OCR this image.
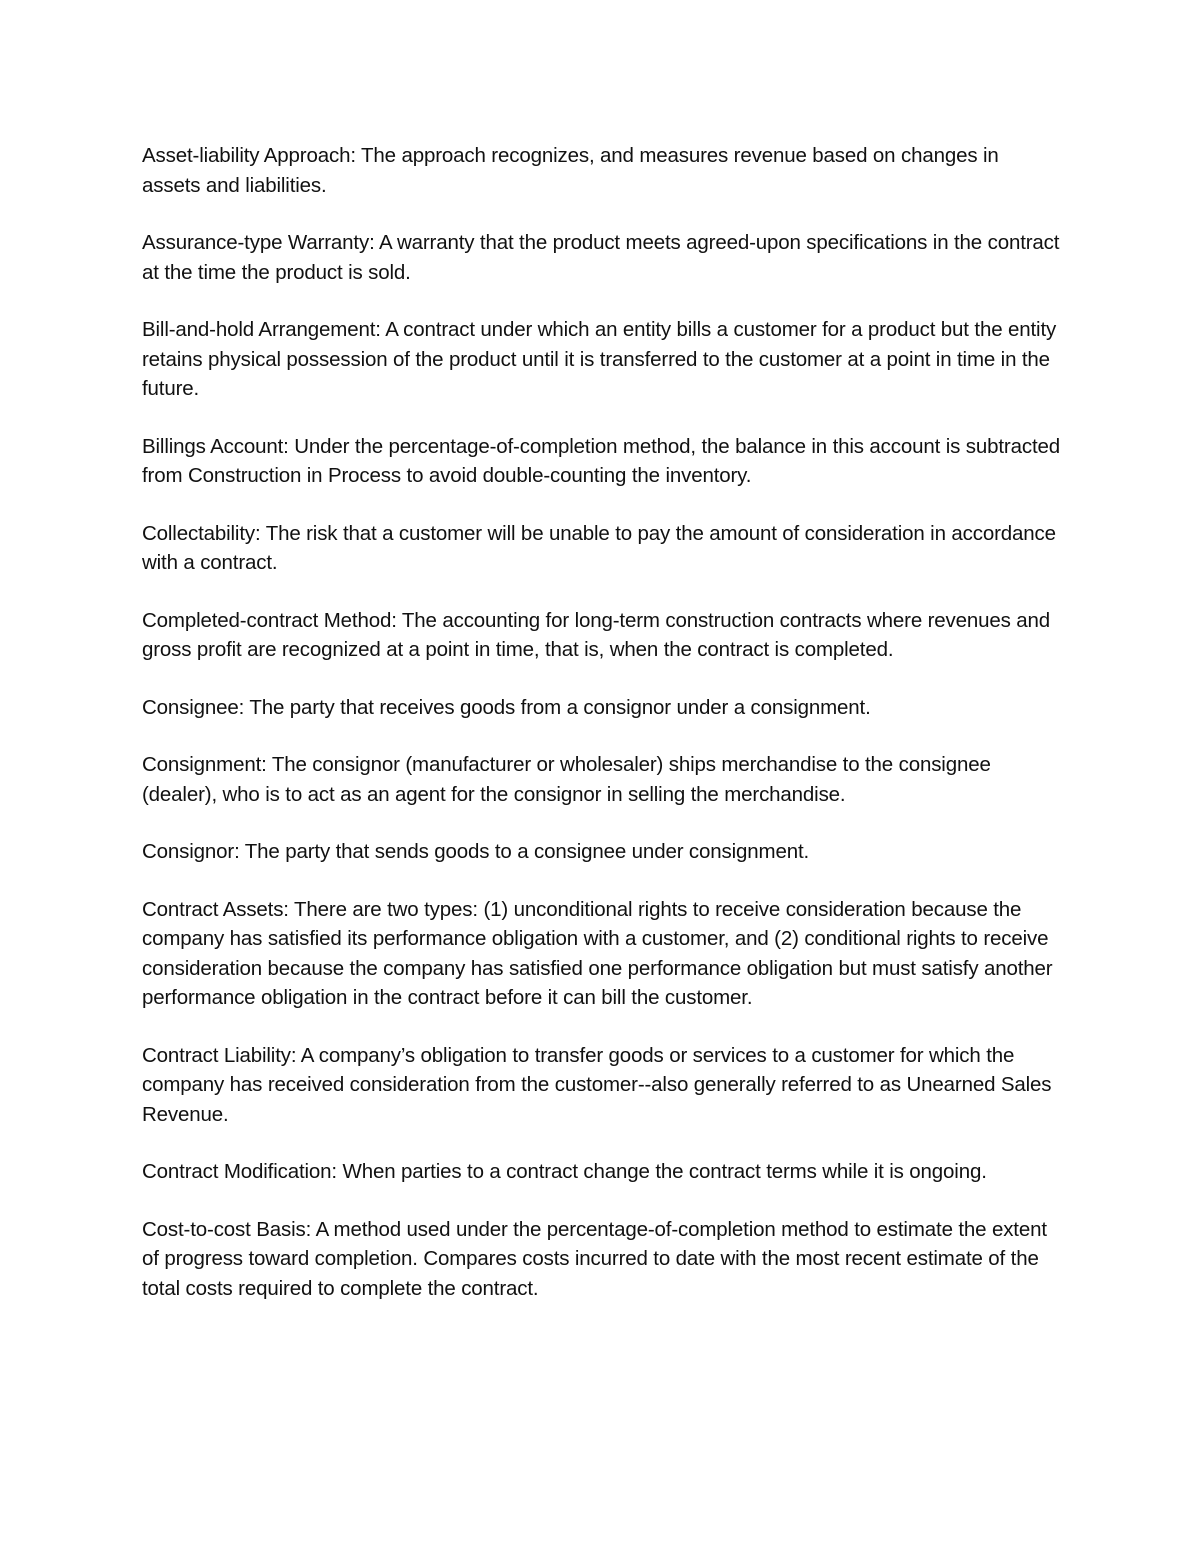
Asset-liability Approach: The approach recognizes, and measures revenue based on changes in assets and liabilities.

Assurance-type Warranty: A warranty that the product meets agreed-upon specifications in the contract at the time the product is sold.

Bill-and-hold Arrangement: A contract under which an entity bills a customer for a product but the entity retains physical possession of the product until it is transferred to the customer at a point in time in the future.

Billings Account: Under the percentage-of-completion method, the balance in this account is subtracted from Construction in Process to avoid double-counting the inventory.

Collectability: The risk that a customer will be unable to pay the amount of consideration in accordance with a contract.

Completed-contract Method: The accounting for long-term construction contracts where revenues and gross profit are recognized at a point in time, that is, when the contract is completed.

Consignee: The party that receives goods from a consignor under a consignment.

Consignment: The consignor (manufacturer or wholesaler) ships merchandise to the consignee (dealer), who is to act as an agent for the consignor in selling the merchandise.

Consignor: The party that sends goods to a consignee under consignment.

Contract Assets: There are two types: (1) unconditional rights to receive consideration because the company has satisfied its performance obligation with a customer, and (2) conditional rights to receive consideration because the company has satisfied one performance obligation but must satisfy another performance obligation in the contract before it can bill the customer.

Contract Liability: A company’s obligation to transfer goods or services to a customer for which the company has received consideration from the customer--also generally referred to as Unearned Sales Revenue.

Contract Modification: When parties to a contract change the contract terms while it is ongoing.

Cost-to-cost Basis: A method used under the percentage-of-completion method to estimate the extent of progress toward completion. Compares costs incurred to date with the most recent estimate of the total costs required to complete the contract.
